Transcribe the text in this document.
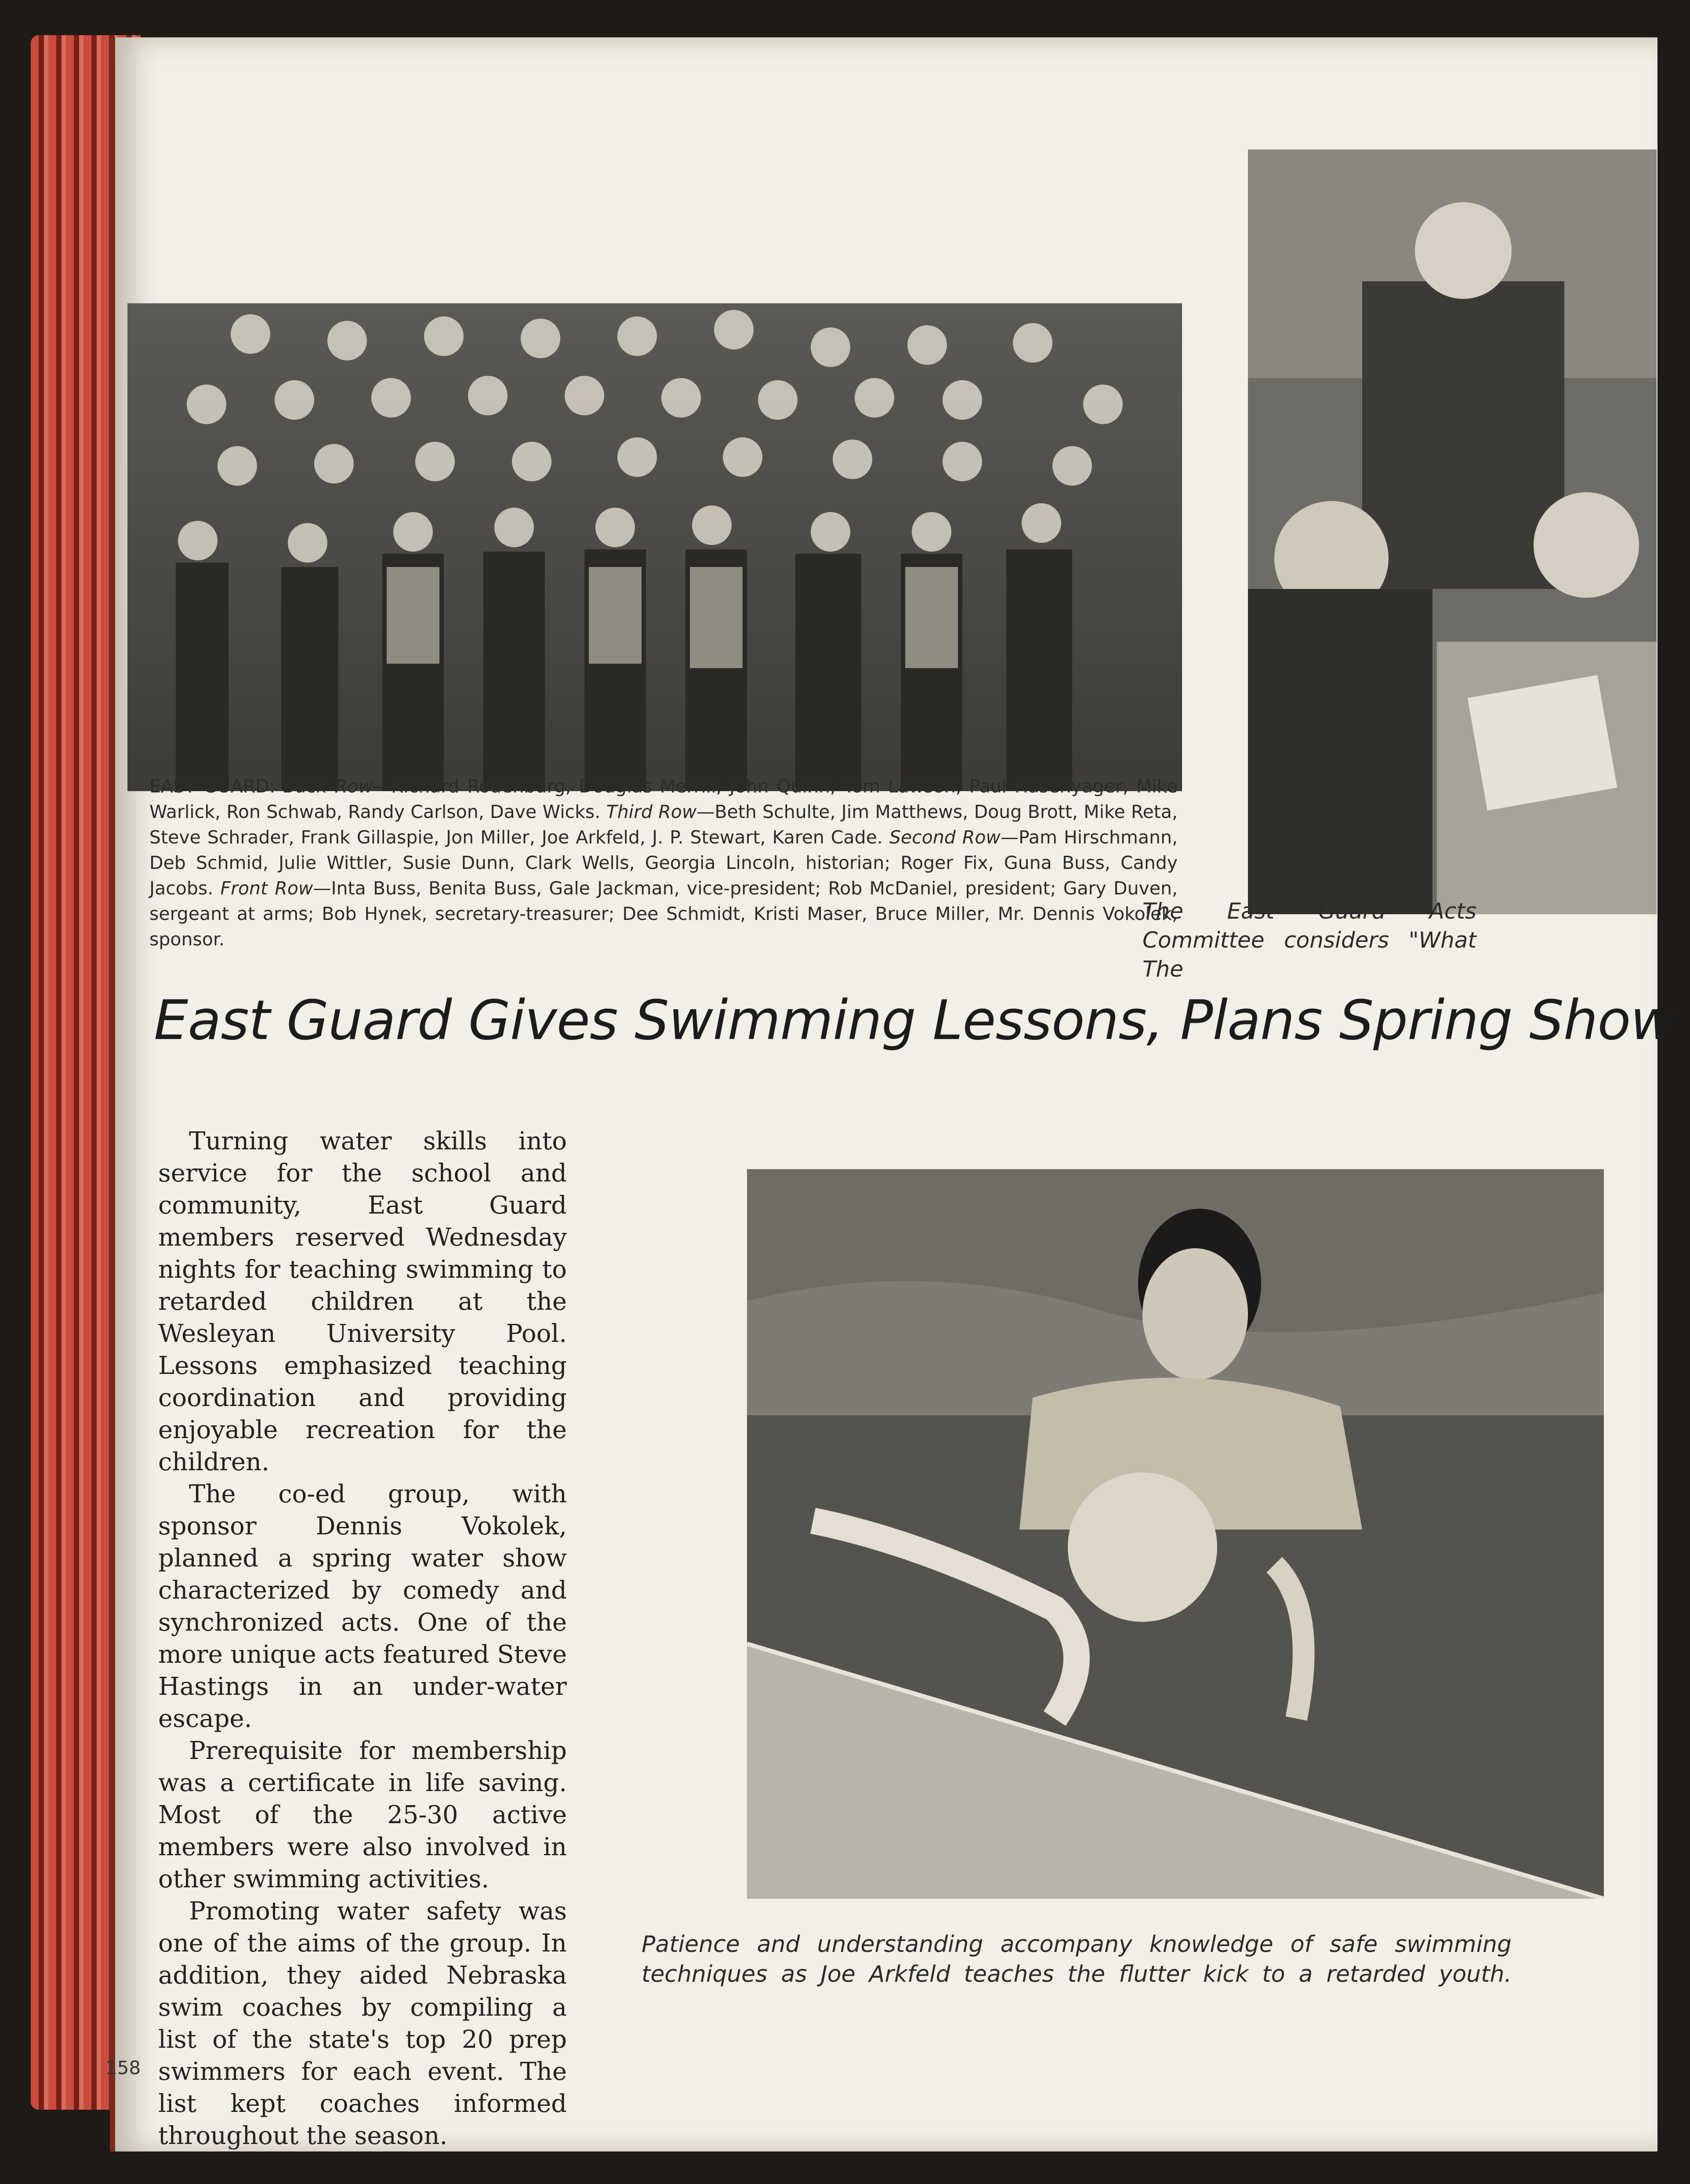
EAST GUARD: Back Row—Richard Rodenburg, Douglas Merrill, John Quinn, Tom Lawson, Paul Hasenyager, Mike Warlick, Ron Schwab, Randy Carlson, Dave Wicks. Third Row—Beth Schulte, Jim Matthews, Doug Brott, Mike Reta, Steve Schrader, Frank Gillaspie, Jon Miller, Joe Arkfeld, J. P. Stewart, Karen Cade. Second Row—Pam Hirschmann, Deb Schmid, Julie Wittler, Susie Dunn, Clark Wells, Georgia Lincoln, historian; Roger Fix, Guna Buss, Candy Jacobs. Front Row—Inta Buss, Benita Buss, Gale Jackman, vice-president; Rob McDaniel, president; Gary Duven, sergeant at arms; Bob Hynek, secretary-treasurer; Dee Schmidt, Kristi Maser, Bruce Miller, Mr. Dennis Vokolek, sponsor.
The East Guard Acts Committee considers "What The
East Guard Gives Swimming Lessons, Plans Spring Show

Turning water skills into service for the school and community, East Guard members reserved Wednesday nights for teaching swimming to retarded children at the Wesleyan University Pool. Lessons emphasized teaching coordination and providing enjoyable recreation for the children.

The co-ed group, with sponsor Dennis Vokolek, planned a spring water show characterized by comedy and synchronized acts. One of the more unique acts featured Steve Hastings in an under-water escape.

Prerequisite for membership was a certificate in life saving. Most of the 25-30 active members were also involved in other swimming activities.

Promoting water safety was one of the aims of the group. In addition, they aided Nebraska swim coaches by compiling a list of the state's top 20 prep swimmers for each event. The list kept coaches informed throughout the season.

Patience and understanding accompany knowledge of safe swimming techniques as Joe Arkfeld teaches the flutter kick to a retarded youth.
158
